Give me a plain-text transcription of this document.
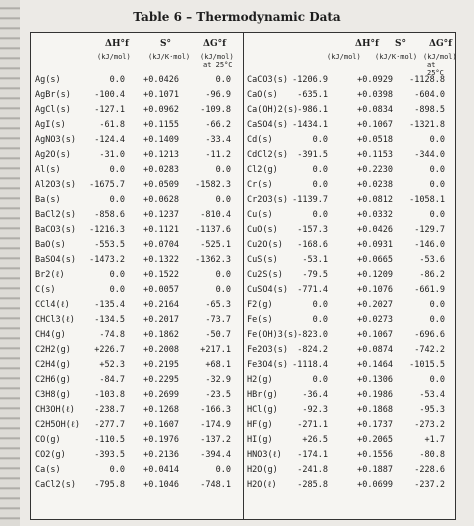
Table 6 – Thermodynamic Data
ΔH°f
(kJ/mol)
S°
(kJ/K·mol)
ΔG°f
(kJ/mol)
at 25°C
Ag(s)	0.0 +0.0426	0.0
AgBr(s)	-100.4 +0.1071	-96.9
AgCl(s)	-127.1 +0.0962	-109.8
AgI(s)	-61.8 +0.1155	-66.2
AgNO3(s) -124.4 +0.1409	-33.4
Ag2O(s)	-31.0 +0.1213	-11.2
Al(s)	0.0 +0.0283	0.0
Al2O3(s) -1675.7 +0.0509 -1582.3
Ba(s)	0.0 +0.0628	0.0
BaCl2(s) -858.6 +0.1237	-810.4
BaCO3(s) -1216.3 +0.1121 -1137.6
BaO(s)	-553.5 +0.0704	-525.1
BaSO4(s) -1473.2 +0.1322 -1362.3
Br2(ℓ)	0.0 +0.1522	0.0
C(s)	0.0 +0.0057	0.0
CCl4(ℓ)	-135.4 +0.2164	-65.3
CHCl3(ℓ) -134.5 +0.2017	-73.7
CH4(g)	-74.8 +0.1862	-50.7
C2H2(g)	+226.7 +0.2008	+217.1
C2H4(g)	+52.3 +0.2195	+68.1
C2H6(g)	-84.7 +0.2295	-32.9
C3H8(g)	-103.8 +0.2699	-23.5
CH3OH(ℓ) -238.7 +0.1268	-166.3
C2H5OH(ℓ) -277.7 +0.1607	-174.9
CO(g)	-110.5 +0.1976	-137.2
CO2(g)	-393.5 +0.2136	-394.4
Ca(s)	0.0 +0.0414	0.0
CaCl2(s) -795.8 +0.1046	-748.1
ΔH°f
(kJ/mol)
S°
(kJ/K·mol)
ΔG°f
(kJ/mol)
at 25°C
CaCO3(s) -1206.9	+0.0929 -1128.8
CaO(s) -635.1	+0.0398	-604.0
Ca(OH)2(s) -986.1	+0.0834	-898.5
CaSO4(s) -1434.1	+0.1067 -1321.8
Cd(s)	0.0	+0.0518	0.0
CdCl2(s) -391.5	+0.1153	-344.0
Cl2(g)	0.0	+0.2230	0.0
Cr(s)	0.0	+0.0238	0.0
Cr2O3(s) -1139.7	+0.0812 -1058.1
Cu(s)	0.0	+0.0332	0.0
CuO(s) -157.3	+0.0426	-129.7
Cu2O(s) -168.6	+0.0931	-146.0
CuS(s)	-53.1	+0.0665	-53.6
Cu2S(s) -79.5	+0.1209	-86.2
CuSO4(s) -771.4	+0.1076	-661.9
F2(g)	0.0	+0.2027	0.0
Fe(s)	0.0	+0.0273	0.0
Fe(OH)3(s) -823.0	+0.1067	-696.6
Fe2O3(s) -824.2	+0.0874	-742.2
Fe3O4(s) -1118.4	+0.1464 -1015.5
H2(g)	0.0	+0.1306	0.0
HBr(g)	-36.4	+0.1986	-53.4
HCl(g)	-92.3	+0.1868	-95.3
HF(g)	-271.1	+0.1737	-273.2
HI(g)	+26.5	+0.2065	+1.7
HNO3(ℓ) -174.1	+0.1556	-80.8
H2O(g) -241.8	+0.1887	-228.6
H2O(ℓ) -285.8	+0.0699	-237.2
